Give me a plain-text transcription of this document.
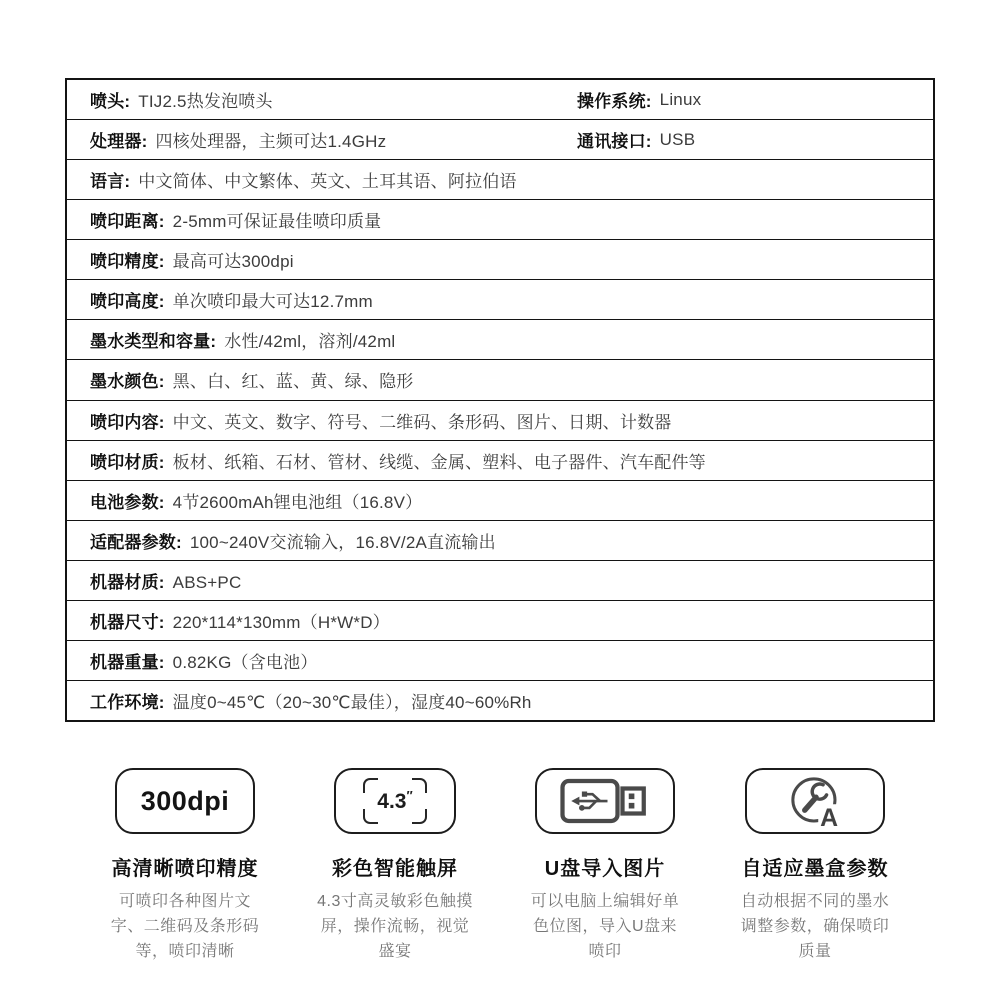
喷头: TIJ2.5热发泡喷头	操作系统: Linux
处理器: 四核处理器，主频可达1.4GHz	通讯接口: USB
语言: 中文简体、中文繁体、英文、土耳其语、阿拉伯语
喷印距离: 2-5mm可保证最佳喷印质量
喷印精度: 最高可达300dpi
喷印高度: 单次喷印最大可达12.7mm
墨水类型和容量: 水性/42ml，溶剂/42ml
墨水颜色: 黑、白、红、蓝、黄、绿、隐形
喷印内容: 中文、英文、数字、符号、二维码、条形码、图片、日期、计数器
喷印材质: 板材、纸箱、石材、管材、线缆、金属、塑料、电子器件、汽车配件等
电池参数: 4节2600mAh锂电池组（16.8V）
适配器参数: 100~240V交流输入，16.8V/2A直流输出
机器材质: ABS+PC
机器尺寸: 220*114*130mm（H*W*D）
机器重量: 0.82KG（含电池）
工作环境: 温度0~45℃（20~30℃最佳），湿度40~60%Rh
300dpi
高清晰喷印精度
可喷印各种图片文字、二维码及条形码等，喷印清晰
4.3″
彩色智能触屏
4.3寸高灵敏彩色触摸屏，操作流畅，视觉盛宴
U盘导入图片
可以电脑上编辑好单色位图，导入U盘来喷印
A
自适应墨盒参数
自动根据不同的墨水调整参数，确保喷印质量
